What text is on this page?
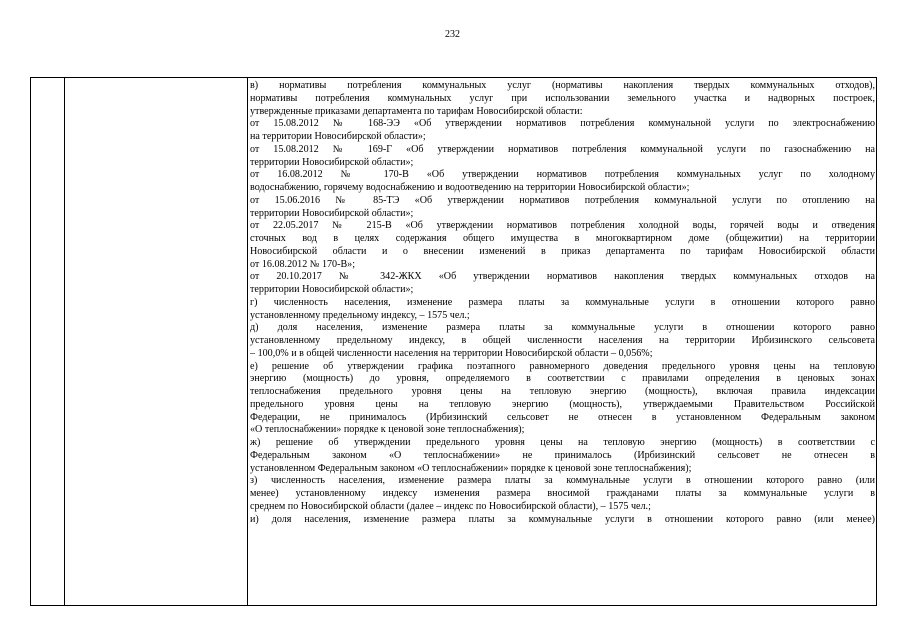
232
в) нормативы потребления коммунальных услуг (нормативы накопления твердых коммунальных отходов),
нормативы потребления коммунальных услуг при использовании земельного участка и надворных построек,
утвержденные приказами департамента по тарифам Новосибирской области:
от 15.08.2012 № 168-ЭЭ «Об утверждении нормативов потребления коммунальной услуги по электроснабжению
на территории Новосибирской области»;
от 15.08.2012 № 169-Г «Об утверждении нормативов потребления коммунальной услуги по газоснабжению на
территории Новосибирской области»;
от 16.08.2012 № 170-В «Об утверждении нормативов потребления коммунальных услуг по холодному
водоснабжению, горячему водоснабжению и водоотведению на территории Новосибирской области»;
от 15.06.2016 № 85-ТЭ «Об утверждении нормативов потребления коммунальной услуги по отоплению на
территории Новосибирской области»;
от 22.05.2017 № 215-В «Об утверждении нормативов потребления холодной воды, горячей воды и отведения
сточных вод в целях содержания общего имущества в многоквартирном доме (общежитии) на территории
Новосибирской области и о внесении изменений в приказ департамента по тарифам Новосибирской области
от 16.08.2012 № 170-В»;
от 20.10.2017 № 342-ЖКХ «Об утверждении нормативов накопления твердых коммунальных отходов на
территории Новосибирской области»;
г) численность населения, изменение размера платы за коммунальные услуги в отношении которого равно
установленному предельному индексу, – 1575 чел.;
д) доля населения, изменение размера платы за коммунальные услуги в отношении которого равно
установленному предельному индексу, в общей численности населения на территории Ирбизинского сельсовета
– 100,0% и в общей численности населения на территории Новосибирской области – 0,056%;
е) решение об утверждении графика поэтапного равномерного доведения предельного уровня цены на тепловую
энергию (мощность) до уровня, определяемого в соответствии с правилами определения в ценовых зонах
теплоснабжения предельного уровня цены на тепловую энергию (мощность), включая правила индексации
предельного уровня цены на тепловую энергию (мощность), утверждаемыми Правительством Российской
Федерации, не принималось (Ирбизинский сельсовет не отнесен в установленном Федеральным законом
«О теплоснабжении» порядке к ценовой зоне теплоснабжения);
ж) решение об утверждении предельного уровня цены на тепловую энергию (мощность) в соответствии с
Федеральным законом «О теплоснабжении» не принималось (Ирбизинский сельсовет не отнесен в
установленном Федеральным законом «О теплоснабжении» порядке к ценовой зоне теплоснабжения);
з) численность населения, изменение размера платы за коммунальные услуги в отношении которого равно (или
менее) установленному индексу изменения размера вносимой гражданами платы за коммунальные услуги в
среднем по Новосибирской области (далее – индекс по Новосибирской области), – 1575 чел.;
и) доля населения, изменение размера платы за коммунальные услуги в отношении которого равно (или менее)
